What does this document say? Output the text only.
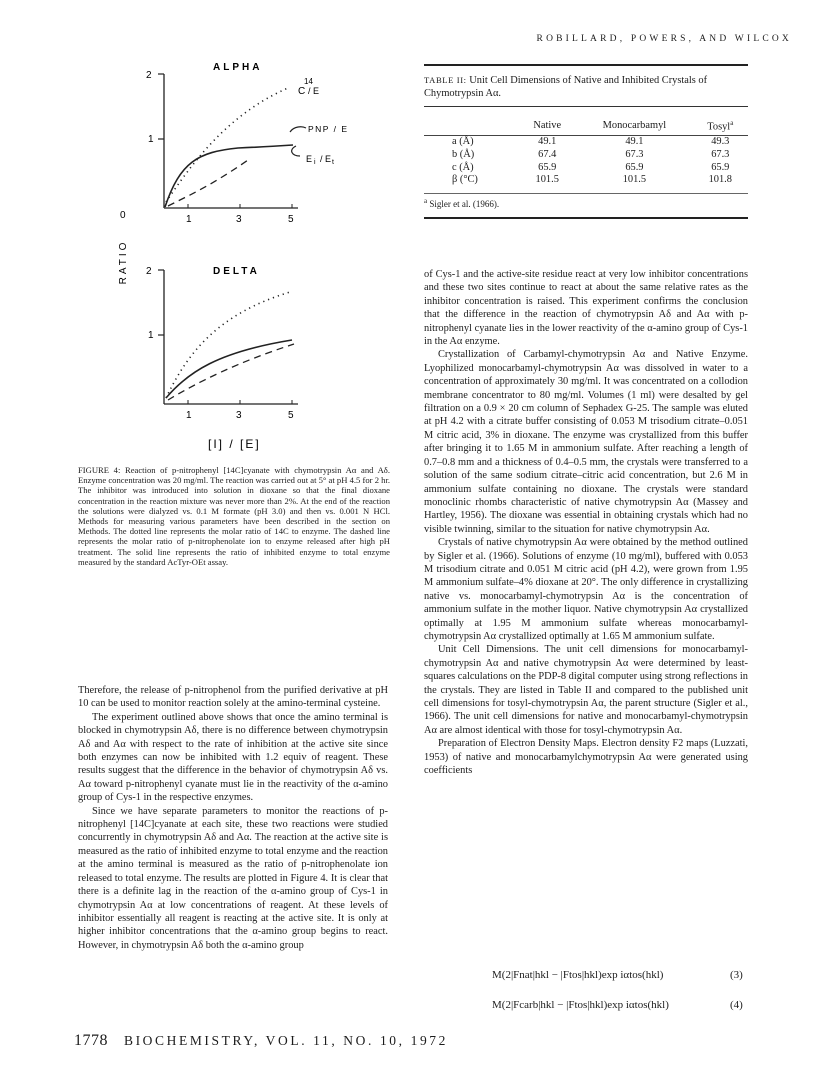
ROBILLARD, POWERS, AND WILCOX
RATIO
ALPHA
2
1
0	1	3	5
14
C / E
PNP / E
E i / E t
DELTA
2
1
1	3	5
[I] / [E]
FIGURE 4: Reaction of p-nitrophenyl [14C]cyanate with chymotrypsin Aα and Aδ. Enzyme concentration was 20 mg/ml. The reaction was carried out at 5° at pH 4.5 for 2 hr. The inhibitor was introduced into solution in dioxane so that the final dioxane concentration in the reaction mixture was never more than 2%. At the end of the reaction the solutions were dialyzed vs. 0.1 M formate (pH 3.0) and then vs. 0.001 N HCl. Methods for measuring various parameters have been described in the section on Methods. The dotted line represents the molar ratio of 14C to enzyme. The dashed line represents the molar ratio of p-nitrophenolate ion to enzyme released after high pH treatment. The solid line represents the ratio of inhibited enzyme to total enzyme measured by the standard AcTyr-OEt assay.

Therefore, the release of p-nitrophenol from the purified derivative at pH 10 can be used to monitor reaction solely at the amino-terminal cysteine.

The experiment outlined above shows that once the amino terminal is blocked in chymotrypsin Aδ, there is no difference between chymotrypsin Aδ and Aα with respect to the rate of inhibition at the active site since both enzymes can now be inhibited with 1.2 equiv of reagent. These results suggest that the difference in the behavior of chymotrypsin Aδ vs. Aα toward p-nitrophenyl cyanate must lie in the reactivity of the α-amino group of Cys-1 in the respective enzymes.

Since we have separate parameters to monitor the reactions of p-nitrophenyl [14C]cyanate at each site, these two reactions were studied concurrently in chymotrypsin Aδ and Aα. The reaction at the active site is measured as the ratio of inhibited enzyme to total enzyme and the reaction at the amino terminal is measured as the ratio of p-nitrophenolate ion released to total enzyme. The results are plotted in Figure 4. It is clear that there is a definite lag in the reaction of the α-amino group of Cys-1 in chymotrypsin Aα at low concentrations of reagent. At these levels of inhibitor essentially all reagent is reacting at the active site. It is only at higher inhibitor concentrations that the α-amino group begins to react. However, in chymotrypsin Aδ both the α-amino group

TABLE II: Unit Cell Dimensions of Native and Inhibited Crystals of Chymotrypsin Aα.
	Native	Monocarbamyl	Tosyl$^a$
a (Å)	49.1	49.1	49.3
b (Å)	67.4	67.3	67.3
c (Å)	65.9	65.9	65.9
β (°C)	101.5	101.5	101.8
$^a$ Sigler et al. (1966).

of Cys-1 and the active-site residue react at very low inhibitor concentrations and these two sites continue to react at about the same relative rates as the inhibitor concentration is raised. This experiment confirms the conclusion that the difference in the reaction of chymotrypsin Aδ and Aα with p-nitrophenyl cyanate lies in the lower reactivity of the α-amino group of Cys-1 in the Aα enzyme.

Crystallization of Carbamyl-chymotrypsin Aα and Native Enzyme. Lyophilized monocarbamyl-chymotrypsin Aα was dissolved in water to a concentration of approximately 30 mg/ml. It was concentrated on a collodion membrane concentrator to 80 mg/ml. Volumes (1 ml) were desalted by gel filtration on a 0.9 × 20 cm column of Sephadex G-25. The sample was eluted at pH 4.2 with a citrate buffer consisting of 0.053 M trisodium citrate–0.051 M citric acid, 3% in dioxane. The enzyme was crystallized from this buffer after bringing it to 1.65 M in ammonium sulfate. After reaching a length of 0.7–0.8 mm and a thickness of 0.4–0.5 mm, the crystals were transferred to a solution of the same sodium citrate–citric acid concentration, but 2.6 M in ammonium sulfate containing no dioxane. The crystals were standard monoclinic rhombs characteristic of native chymotrypsin Aα (Massey and Hartley, 1956). The dioxane was essential in obtaining crystals which had no visible twinning, similar to the situation for native chymotrypsin Aα.

Crystals of native chymotrypsin Aα were obtained by the method outlined by Sigler et al. (1966). Solutions of enzyme (10 mg/ml), buffered with 0.053 M trisodium citrate and 0.051 M citric acid (pH 4.2), were grown from 1.95 M ammonium sulfate–4% dioxane at 20°. The only difference in crystallizing native vs. monocarbamyl-chymotrypsin Aα is the concentration of ammonium sulfate in the mother liquor. Native chymotrypsin Aα crystallized optimally at 1.95 M ammonium sulfate whereas monocarbamyl-chymotrypsin Aα crystallized optimally at 1.65 M ammonium sulfate.

Unit Cell Dimensions. The unit cell dimensions for monocarbamyl-chymotrypsin Aα and native chymotrypsin Aα were determined by least-squares calculations on the PDP-8 digital computer using strong reflections in the crystals. They are listed in Table II and compared to the published unit cell dimensions for tosyl-chymotrypsin Aα, the parent structure (Sigler et al., 1966). The unit cell dimensions for native and monocarbamyl-chymotrypsin Aα are almost identical with those for tosyl-chymotrypsin Aα.

Preparation of Electron Density Maps. Electron density F2 maps (Luzzati, 1953) of native and monocarbamylchymotrypsin Aα were generated using coefficients

M(2|Fnat|hkl − |Ftos|hkl)exp iαtos(hkl)	(3)
M(2|Fcarb|hkl − |Ftos|hkl)exp iαtos(hkl)	(4)
1778 BIOCHEMISTRY, VOL. 11, NO. 10, 1972
